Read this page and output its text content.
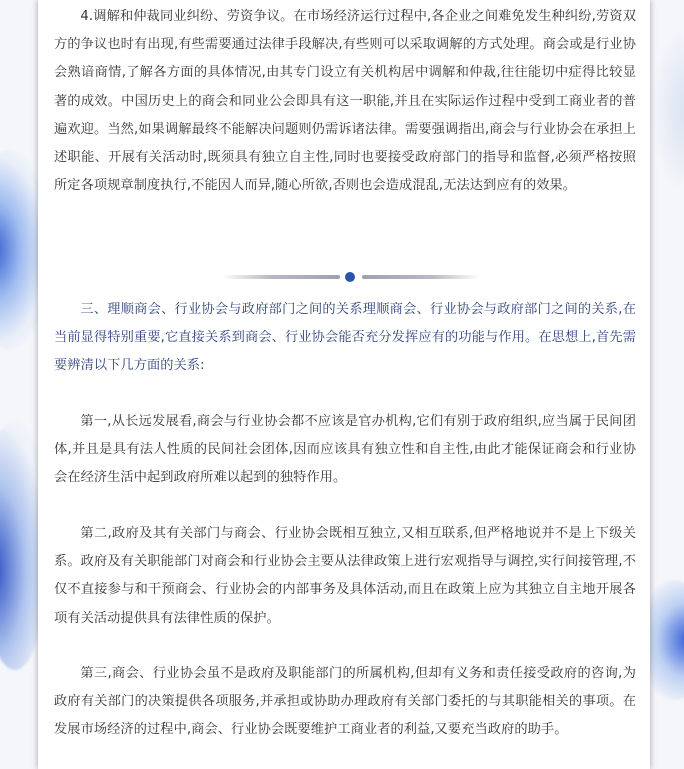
4.调解和仲裁同业纠纷、劳资争议。在市场经济运行过程中,各企业之间难免发生种纠纷,劳资双方的争议也时有出现,有些需要通过法律手段解决,有些则可以采取调解的方式处理。商会或是行业协会熟谙商情,了解各方面的具体情况,由其专门设立有关机构居中调解和仲裁,往往能切中症得比较显著的成效。中国历史上的商会和同业公会即具有这一职能,并且在实际运作过程中受到工商业者的普遍欢迎。当然,如果调解最终不能解决问题则仍需诉诸法律。需要强调指出,商会与行业协会在承担上述职能、开展有关活动时,既须具有独立自主性,同时也要接受政府部门的指导和监督,必须严格按照所定各项规章制度执行,不能因人而异,随心所欲,否则也会造成混乱,无法达到应有的效果。

三、理顺商会、行业协会与政府部门之间的关系理顺商会、行业协会与政府部门之间的关系,在当前显得特别重要,它直接关系到商会、行业协会能否充分发挥应有的功能与作用。在思想上,首先需要辨清以下几方面的关系:

第一,从长远发展看,商会与行业协会都不应该是官办机构,它们有别于政府组织,应当属于民间团体,并且是具有法人性质的民间社会团体,因而应该具有独立性和自主性,由此才能保证商会和行业协会在经济生活中起到政府所难以起到的独特作用。

第二,政府及其有关部门与商会、行业协会既相互独立,又相互联系,但严格地说并不是上下级关系。政府及有关职能部门对商会和行业协会主要从法律政策上进行宏观指导与调控,实行间接管理,不仅不直接参与和干预商会、行业协会的内部事务及具体活动,而且在政策上应为其独立自主地开展各项有关活动提供具有法律性质的保护。

第三,商会、行业协会虽不是政府及职能部门的所属机构,但却有义务和责任接受政府的咨询,为政府有关部门的决策提供各项服务,并承担或协助办理政府有关部门委托的与其职能相关的事项。在发展市场经济的过程中,商会、行业协会既要维护工商业者的利益,又要充当政府的助手。
